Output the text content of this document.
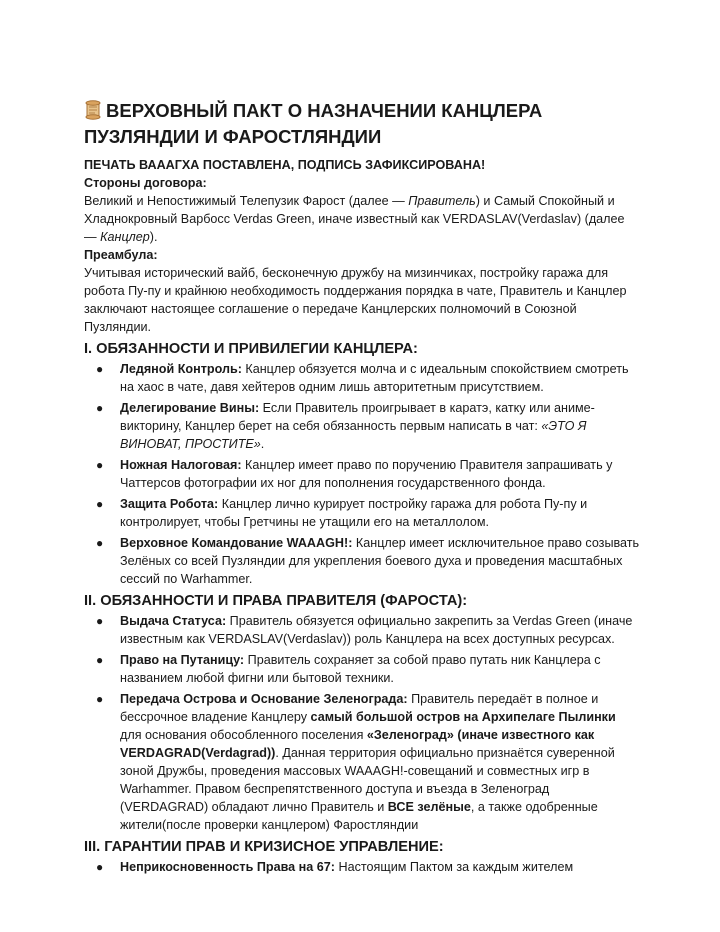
ВЕРХОВНЫЙ ПАКТ О НАЗНАЧЕНИИ КАНЦЛЕРА ПУЗЛЯНДИИ И ФАРОСТЛЯНДИИ

ПЕЧАТЬ ВАААГХА ПОСТАВЛЕНА, ПОДПИСЬ ЗАФИКСИРОВАНА!

Стороны договора:

Великий и Непостижимый Телепузик Фарост (далее — Правитель) и Самый Спокойный и Хладнокровный Варбосс Verdas Green, иначе известный как VERDASLAV(Verdaslav) (далее — Канцлер).

Преамбула:

Учитывая исторический вайб, бесконечную дружбу на мизинчиках, постройку гаража для робота Пу-пу и крайнюю необходимость поддержания порядка в чате, Правитель и Канцлер заключают настоящее соглашение о передаче Канцлерских полномочий в Союзной Пузляндии.

I. ОБЯЗАННОСТИ И ПРИВИЛЕГИИ КАНЦЛЕРА:
● Ледяной Контроль: Канцлер обязуется молча и с идеальным спокойствием смотреть на хаос в чате, давя хейтеров одним лишь авторитетным присутствием.
● Делегирование Вины: Если Правитель проигрывает в каратэ, катку или аниме-викторину, Канцлер берет на себя обязанность первым написать в чат: «ЭТО Я ВИНОВАТ, ПРОСТИТЕ».
● Ножная Налоговая: Канцлер имеет право по поручению Правителя запрашивать у Чаттерсов фотографии их ног для пополнения государственного фонда.
● Защита Робота: Канцлер лично курирует постройку гаража для робота Пу-пу и контролирует, чтобы Гретчины не утащили его на металлолом.
● Верховное Командование WAAAGH!: Канцлер имеет исключительное право созывать Зелёных со всей Пузляндии для укрепления боевого духа и проведения масштабных сессий по Warhammer.
II. ОБЯЗАННОСТИ И ПРАВА ПРАВИТЕЛЯ (ФАРОСТА):
● Выдача Статуса: Правитель обязуется официально закрепить за Verdas Green (иначе известным как VERDASLAV(Verdaslav)) роль Канцлера на всех доступных ресурсах.
● Право на Путаницу: Правитель сохраняет за собой право путать ник Канцлера с названием любой фигни или бытовой техники.
● Передача Острова и Основание Зеленограда: Правитель передаёт в полное и бессрочное владение Канцлеру самый большой остров на Архипелаге Пылинки для основания обособленного поселения «Зеленоград» (иначе известного как VERDAGRAD(Verdagrad)). Данная территория официально признаётся суверенной зоной Дружбы, проведения массовых WAAAGH!-совещаний и совместных игр в Warhammer. Правом беспрепятственного доступа и въезда в Зеленоград (VERDAGRAD) обладают лично Правитель и ВСЕ зелёные, а также одобренные жители(после проверки канцлером) Фаростляндии
III. ГАРАНТИИ ПРАВ И КРИЗИСНОЕ УПРАВЛЕНИЕ:
● Неприкосновенность Права на 67: Настоящим Пактом за каждым жителем
